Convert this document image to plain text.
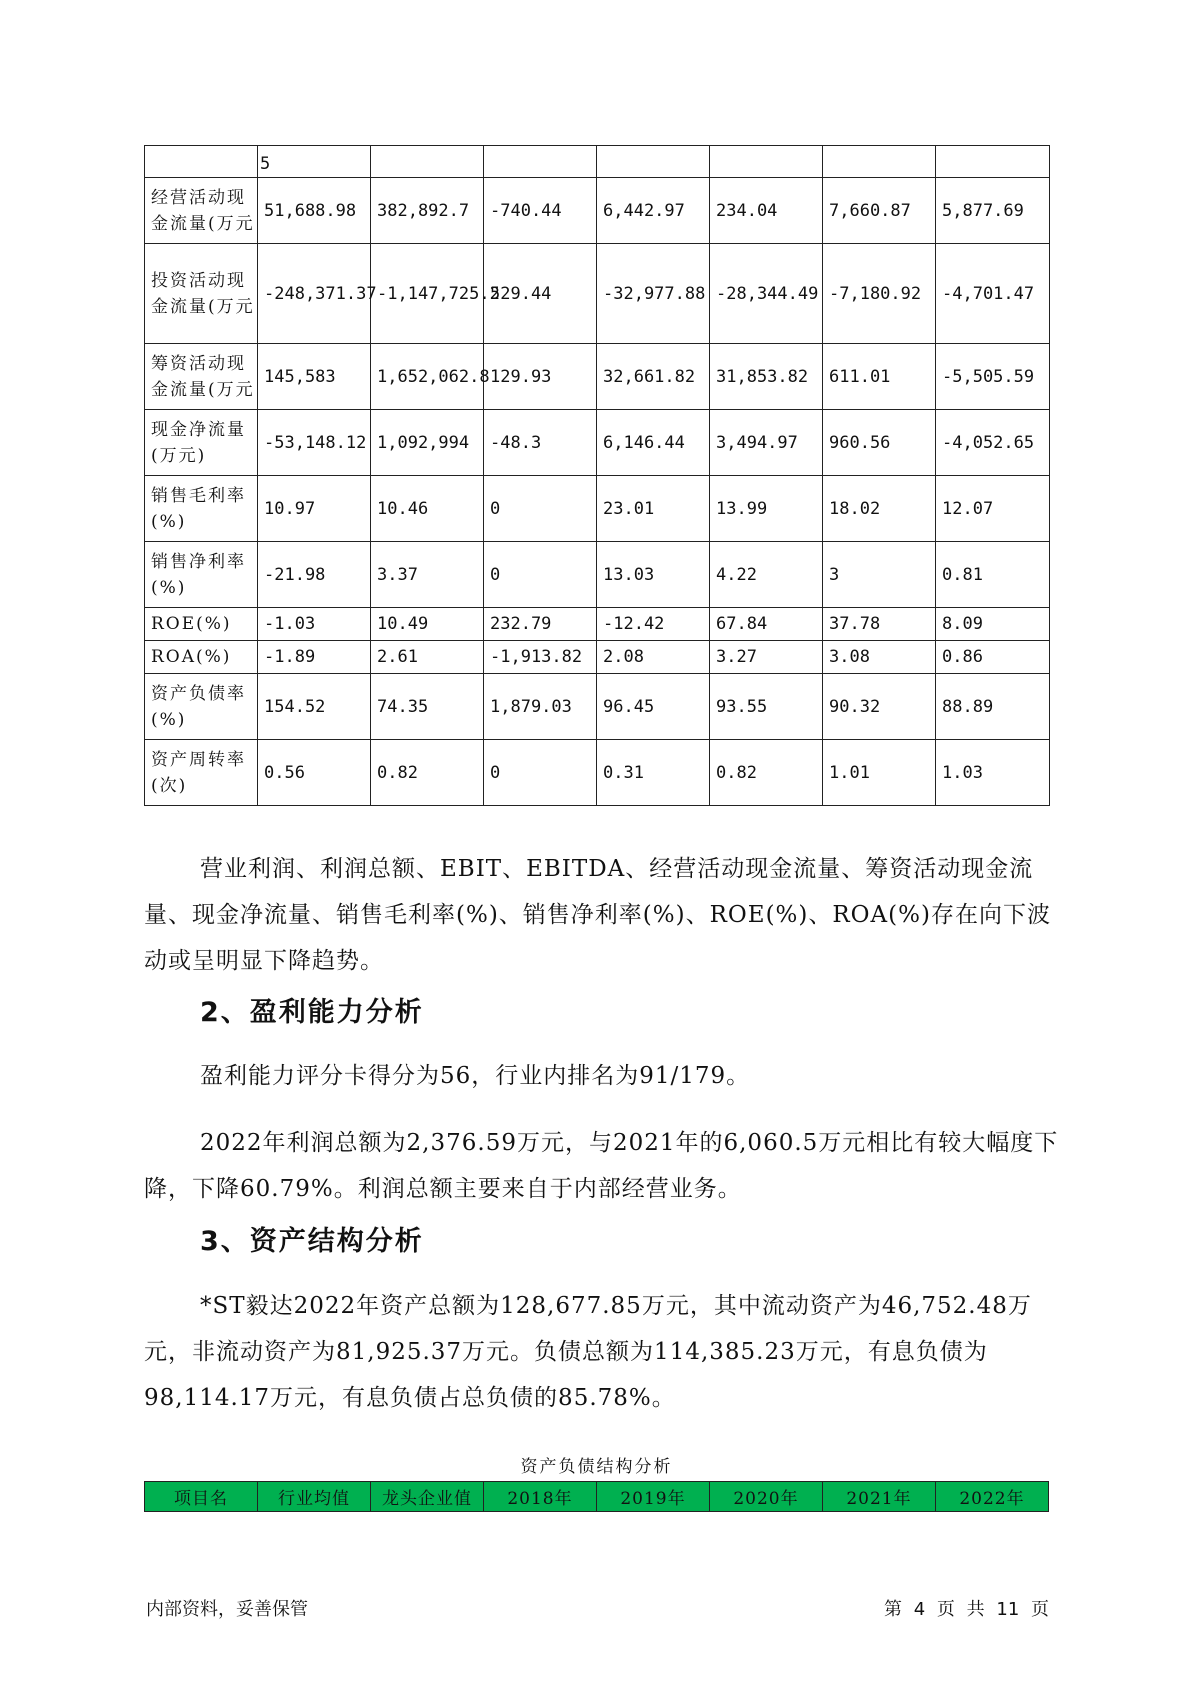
	5						
经营活动现金流量(万元	51,688.98	382,892.7	-740.44	6,442.97	234.04	7,660.87	5,877.69
投资活动现金流量(万元	-248,371.37	-1,147,725.2	529.44	-32,977.88	-28,344.49	-7,180.92	-4,701.47
筹资活动现金流量(万元	145,583	1,652,062.8	129.93	32,661.82	31,853.82	611.01	-5,505.59
现金净流量(万元)	-53,148.12	1,092,994	-48.3	6,146.44	3,494.97	960.56	-4,052.65
销售毛利率(%)	10.97	10.46	0	23.01	13.99	18.02	12.07
销售净利率(%)	-21.98	3.37	0	13.03	4.22	3	0.81
ROE(%)	-1.03	10.49	232.79	-12.42	67.84	37.78	8.09
ROA(%)	-1.89	2.61	-1,913.82	2.08	3.27	3.08	0.86
资产负债率(%)	154.52	74.35	1,879.03	96.45	93.55	90.32	88.89
资产周转率(次)	0.56	0.82	0	0.31	0.82	1.01	1.03

营业利润、利润总额、EBIT、EBITDA、经营活动现金流量、筹资活动现金流量、现金净流量、销售毛利率(%)、销售净利率(%)、ROE(%)、ROA(%)存在向下波动或呈明显下降趋势。

2、盈利能力分析

盈利能力评分卡得分为56，行业内排名为91/179。

2022年利润总额为2,376.59万元，与2021年的6,060.5万元相比有较大幅度下降，下降60.79%。利润总额主要来自于内部经营业务。

3、资产结构分析

*ST毅达2022年资产总额为128,677.85万元，其中流动资产为46,752.48万元，非流动资产为81,925.37万元。负债总额为114,385.23万元，有息负债为98,114.17万元，有息负债占总负债的85.78%。

资产负债结构分析
项目名	行业均值	龙头企业值	2018年	2019年	2020年	2021年	2022年
内部资料，妥善保管	第 4 页 共 11 页
